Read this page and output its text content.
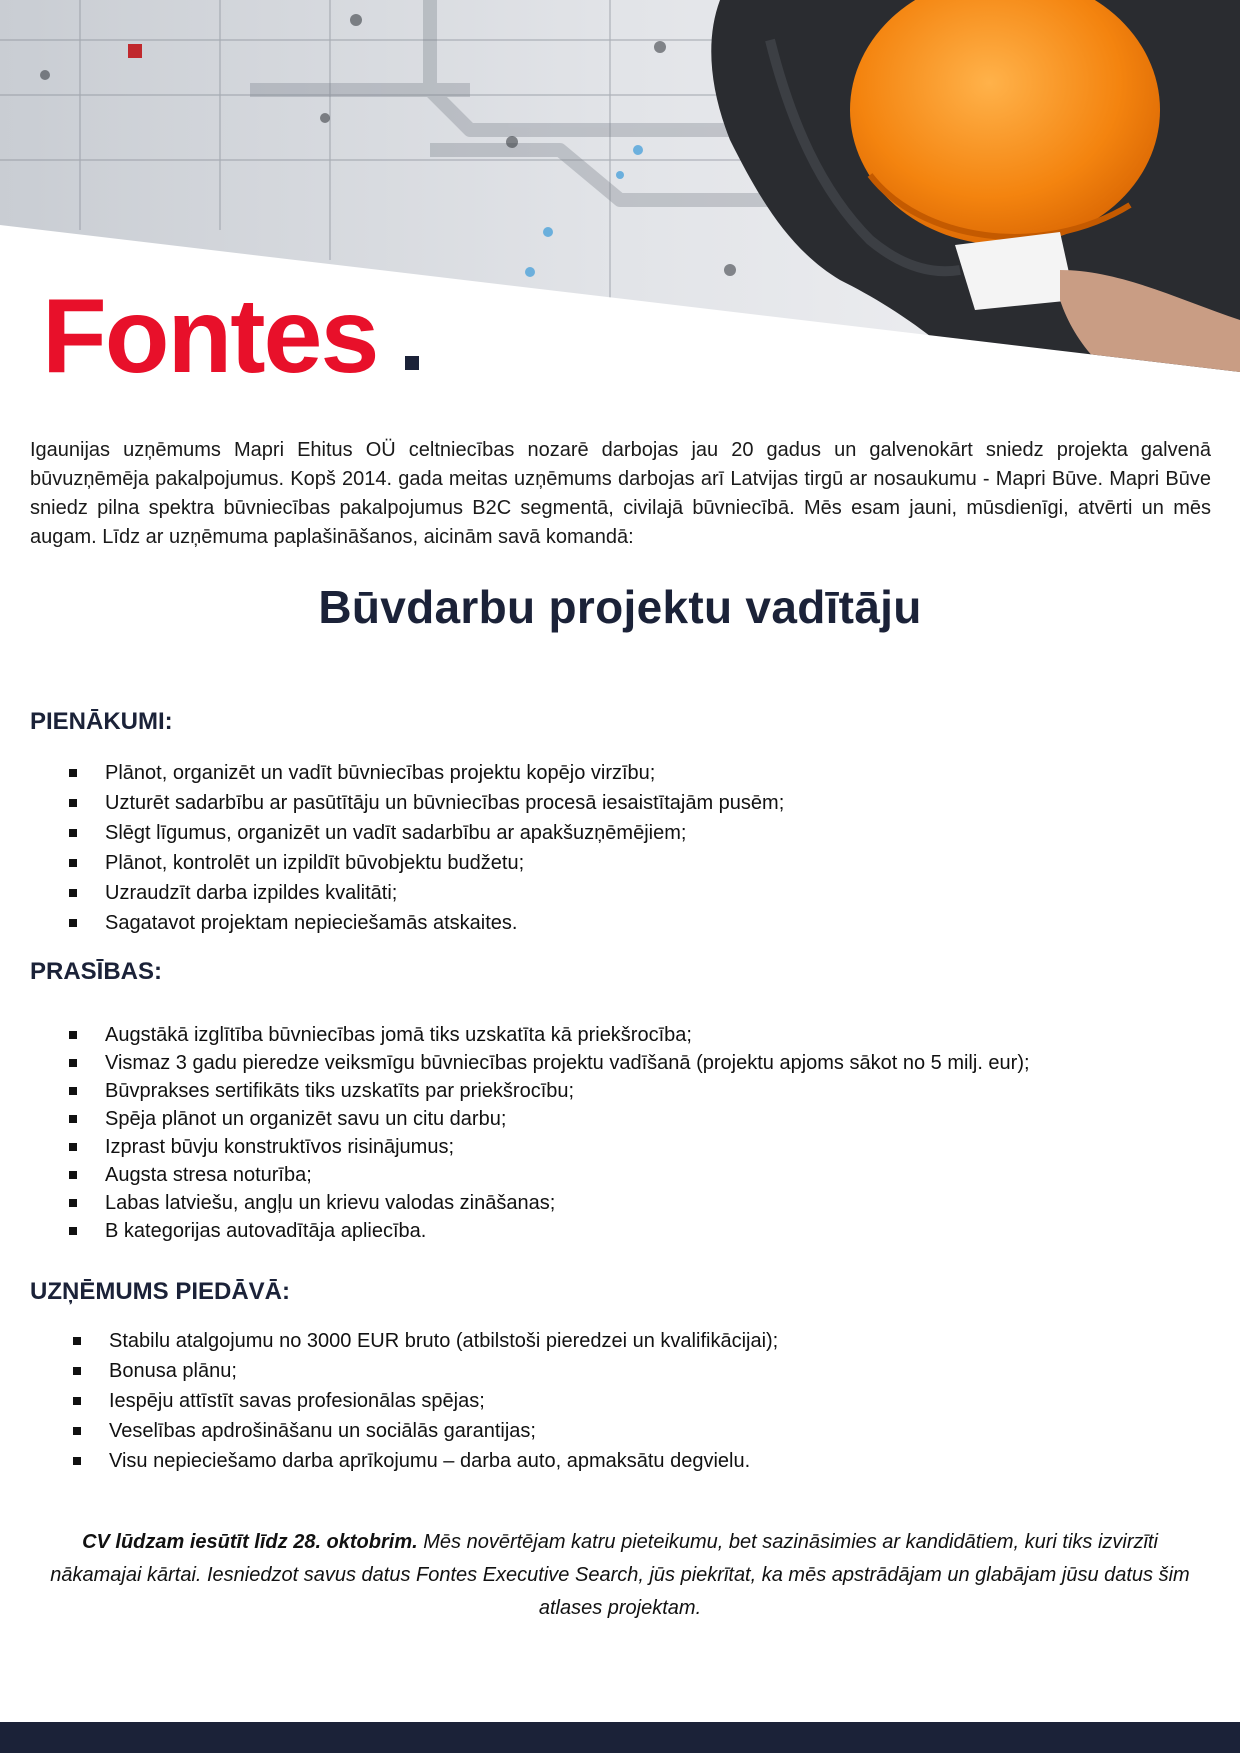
Fontes
Igaunijas uzņēmums Mapri Ehitus OÜ celtniecības nozarē darbojas jau 20 gadus un galvenokārt sniedz projekta galvenā būvuzņēmēja pakalpojumus. Kopš 2014. gada meitas uzņēmums darbojas arī Latvijas tirgū ar nosaukumu - Mapri Būve. Mapri Būve sniedz pilna spektra būvniecības pakalpojumus B2C segmentā, civilajā būvniecībā. Mēs esam jauni, mūsdienīgi, atvērti un mēs augam. Līdz ar uzņēmuma paplašināšanos, aicinām savā komandā:
Būvdarbu projektu vadītāju
PIENĀKUMI:
Plānot, organizēt un vadīt būvniecības projektu kopējo virzību;
Uzturēt sadarbību ar pasūtītāju un būvniecības procesā iesaistītajām pusēm;
Slēgt līgumus, organizēt un vadīt sadarbību ar apakšuzņēmējiem;
Plānot, kontrolēt un izpildīt būvobjektu budžetu;
Uzraudzīt darba izpildes kvalitāti;
Sagatavot projektam nepieciešamās atskaites.
PRASĪBAS:
Augstākā izglītība būvniecības jomā tiks uzskatīta kā priekšrocība;
Vismaz 3 gadu pieredze veiksmīgu būvniecības projektu vadīšanā (projektu apjoms sākot no 5 milj. eur);
Būvprakses sertifikāts tiks uzskatīts par priekšrocību;
Spēja plānot un organizēt savu un citu darbu;
Izprast būvju konstruktīvos risinājumus;
Augsta stresa noturība;
Labas latviešu, angļu un krievu valodas zināšanas;
B kategorijas autovadītāja apliecība.
UZŅĒMUMS PIEDĀVĀ:
Stabilu atalgojumu no 3000 EUR bruto (atbilstoši pieredzei un kvalifikācijai);
Bonusa plānu;
Iespēju attīstīt savas profesionālas spējas;
Veselības apdrošināšanu un sociālās garantijas;
Visu nepieciešamo darba aprīkojumu – darba auto, apmaksātu degvielu.
CV lūdzam iesūtīt līdz 28. oktobrim. Mēs novērtējam katru pieteikumu, bet sazināsimies ar kandidātiem, kuri tiks izvirzīti nākamajai kārtai. Iesniedzot savus datus Fontes Executive Search, jūs piekrītat, ka mēs apstrādājam un glabājam jūsu datus šim atlases projektam.
